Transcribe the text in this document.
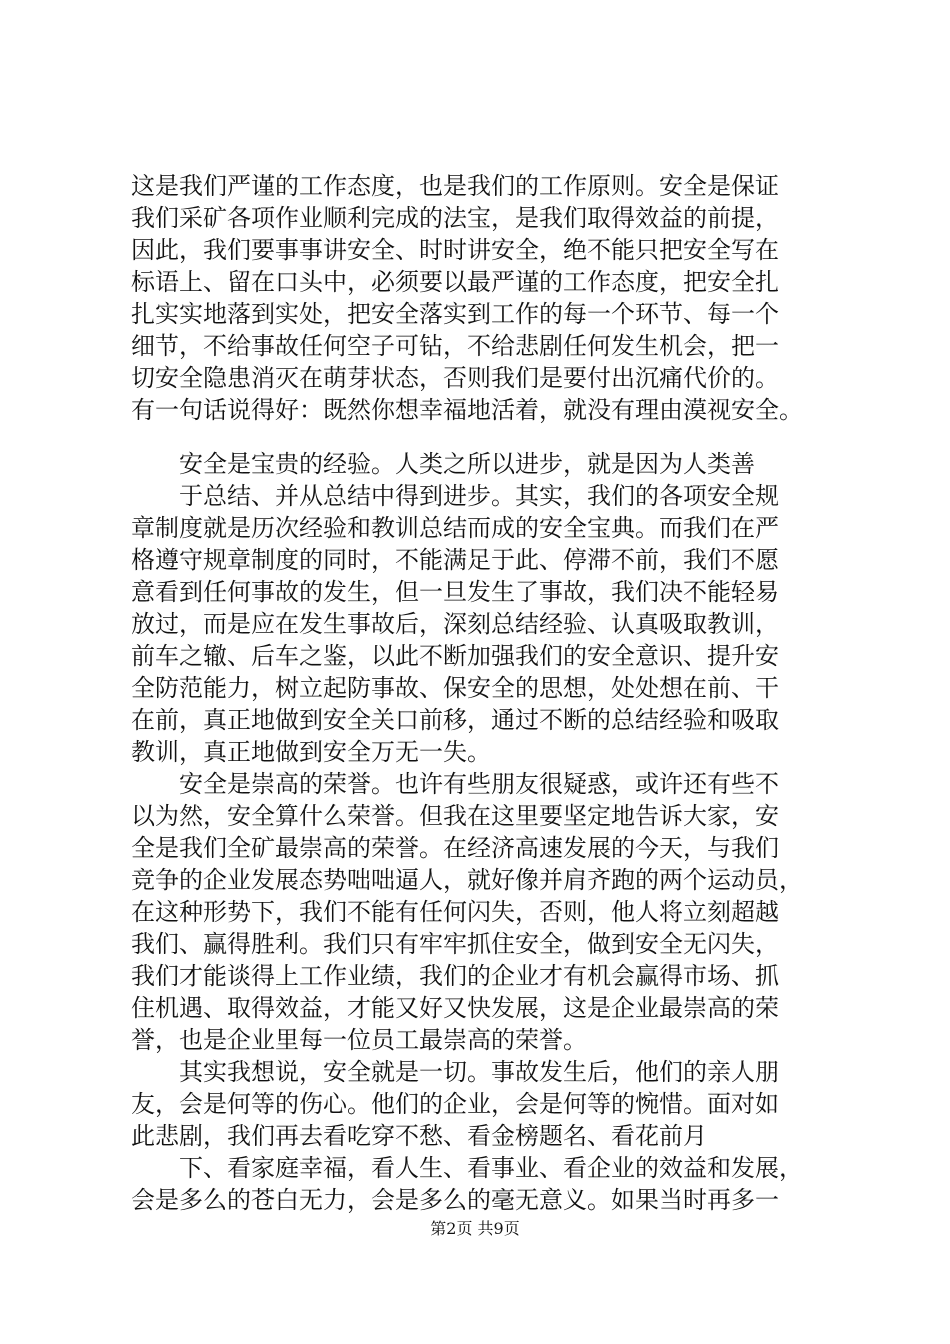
这是我们严谨的工作态度，也是我们的工作原则。安全是保证
我们采矿各项作业顺利完成的法宝，是我们取得效益的前提，
因此，我们要事事讲安全、时时讲安全，绝不能只把安全写在
标语上、留在口头中，必须要以最严谨的工作态度，把安全扎
扎实实地落到实处，把安全落实到工作的每一个环节、每一个
细节，不给事故任何空子可钻，不给悲剧任何发生机会，把一
切安全隐患消灭在萌芽状态，否则我们是要付出沉痛代价的。
有一句话说得好：既然你想幸福地活着，就没有理由漠视安全。
安全是宝贵的经验。人类之所以进步，就是因为人类善
于总结、并从总结中得到进步。其实，我们的各项安全规
章制度就是历次经验和教训总结而成的安全宝典。而我们在严
格遵守规章制度的同时，不能满足于此、停滞不前，我们不愿
意看到任何事故的发生，但一旦发生了事故，我们决不能轻易
放过，而是应在发生事故后，深刻总结经验、认真吸取教训，
前车之辙、后车之鉴，以此不断加强我们的安全意识、提升安
全防范能力，树立起防事故、保安全的思想，处处想在前、干
在前，真正地做到安全关口前移，通过不断的总结经验和吸取
教训，真正地做到安全万无一失。
安全是崇高的荣誉。也许有些朋友很疑惑，或许还有些不
以为然，安全算什么荣誉。但我在这里要坚定地告诉大家，安
全是我们全矿最崇高的荣誉。在经济高速发展的今天，与我们
竞争的企业发展态势咄咄逼人，就好像并肩齐跑的两个运动员，
在这种形势下，我们不能有任何闪失，否则，他人将立刻超越
我们、赢得胜利。我们只有牢牢抓住安全，做到安全无闪失，
我们才能谈得上工作业绩，我们的企业才有机会赢得市场、抓
住机遇、取得效益，才能又好又快发展，这是企业最崇高的荣
誉，也是企业里每一位员工最崇高的荣誉。
其实我想说，安全就是一切。事故发生后，他们的亲人朋
友，会是何等的伤心。他们的企业，会是何等的惋惜。面对如
此悲剧，我们再去看吃穿不愁、看金榜题名、看花前月
下、看家庭幸福，看人生、看事业、看企业的效益和发展，
会是多么的苍白无力，会是多么的毫无意义。如果当时再多一
第2页 共9页
